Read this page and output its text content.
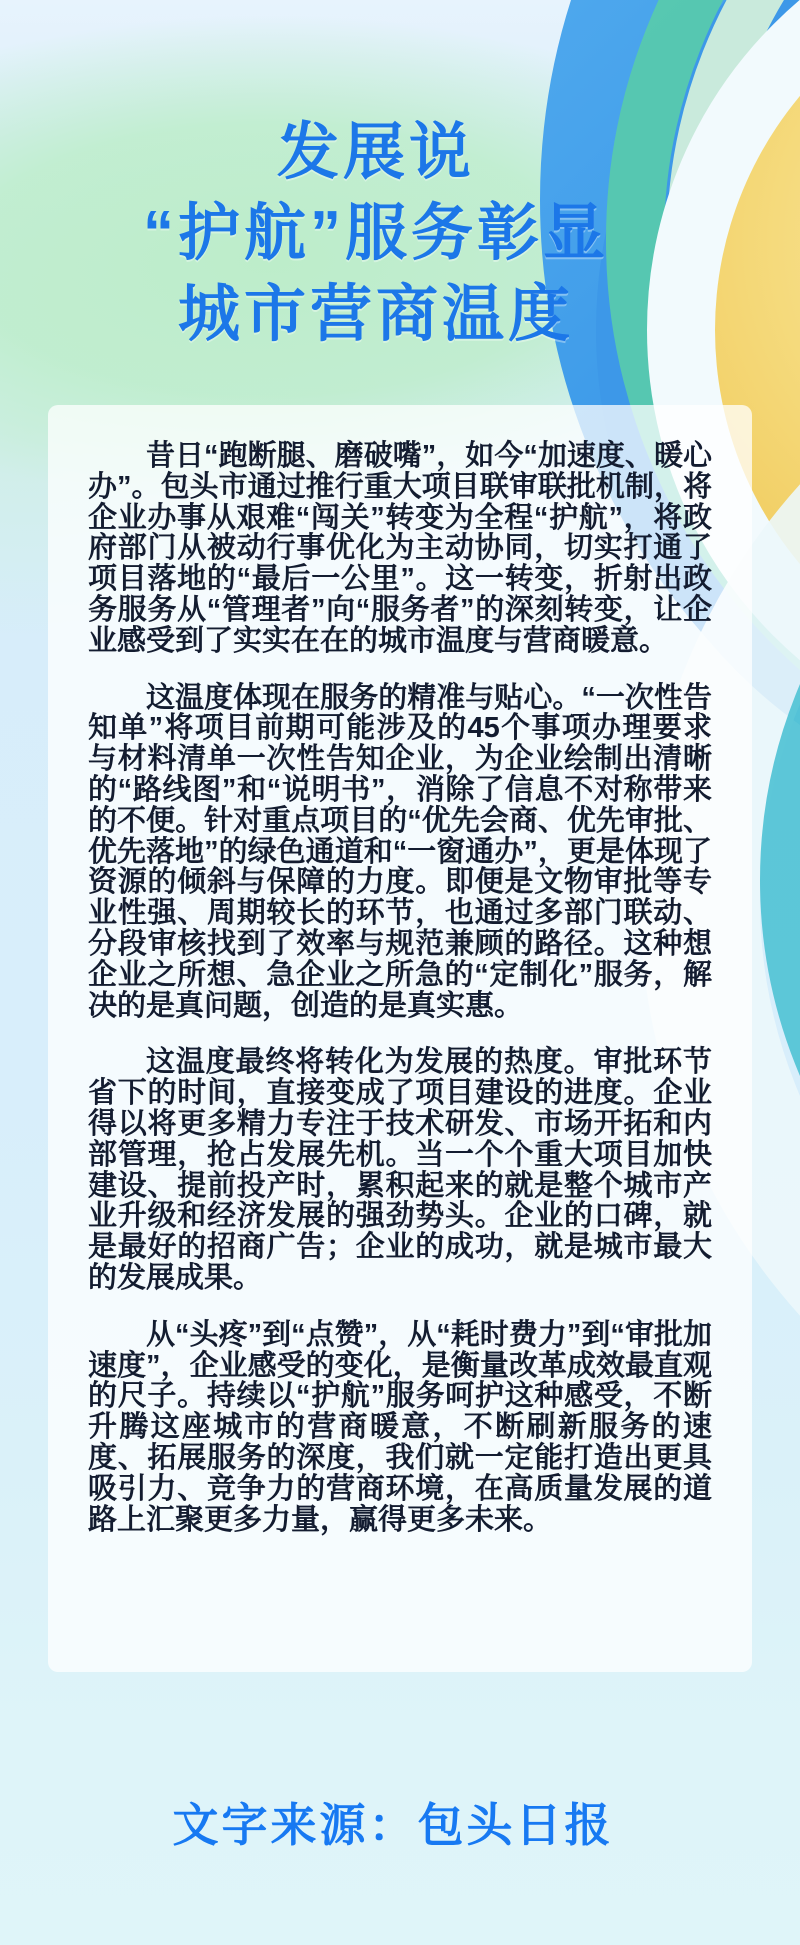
发展说
“护航”服务彰显
城市营商温度

昔日“跑断腿、磨破嘴”，如今“加速度、暖心办”。包头市通过推行重大项目联审联批机制，将企业办事从艰难“闯关”转变为全程“护航”，将政府部门从被动行事优化为主动协同，切实打通了项目落地的“最后一公里”。这一转变，折射出政务服务从“管理者”向“服务者”的深刻转变，让企业感受到了实实在在的城市温度与营商暖意。

这温度体现在服务的精准与贴心。“一次性告知单”将项目前期可能涉及的45个事项办理要求与材料清单一次性告知企业，为企业绘制出清晰的“路线图”和“说明书”，消除了信息不对称带来的不便。针对重点项目的“优先会商、优先审批、优先落地”的绿色通道和“一窗通办”，更是体现了资源的倾斜与保障的力度。即便是文物审批等专业性强、周期较长的环节，也通过多部门联动、分段审核找到了效率与规范兼顾的路径。这种想企业之所想、急企业之所急的“定制化”服务，解决的是真问题，创造的是真实惠。

这温度最终将转化为发展的热度。审批环节省下的时间，直接变成了项目建设的进度。企业得以将更多精力专注于技术研发、市场开拓和内部管理，抢占发展先机。当一个个重大项目加快建设、提前投产时，累积起来的就是整个城市产业升级和经济发展的强劲势头。企业的口碑，就是最好的招商广告；企业的成功，就是城市最大的发展成果。

从“头疼”到“点赞”，从“耗时费力”到“审批加速度”，企业感受的变化，是衡量改革成效最直观的尺子。持续以“护航”服务呵护这种感受，不断升腾这座城市的营商暖意，不断刷新服务的速度、拓展服务的深度，我们就一定能打造出更具吸引力、竞争力的营商环境，在高质量发展的道路上汇聚更多力量，赢得更多未来。

文字来源：包头日报
